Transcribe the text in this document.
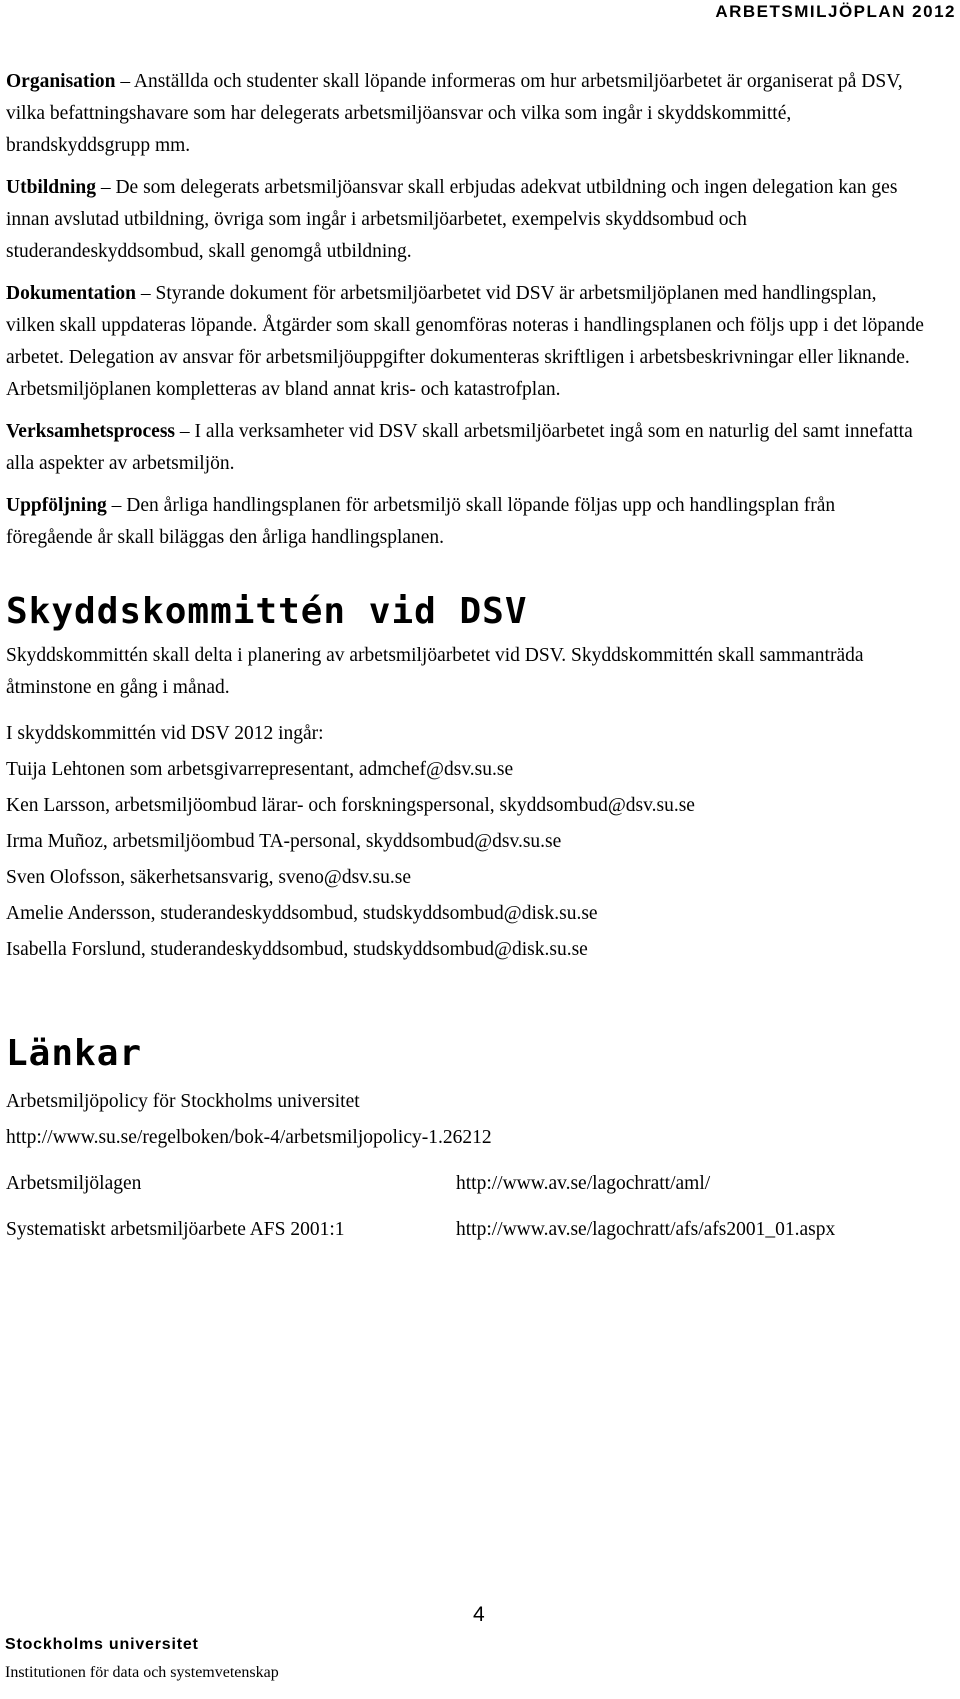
ARBETSMILJÖPLAN 2012

Organisation – Anställda och studenter skall löpande informeras om hur arbetsmiljöarbetet är organiserat på DSV, vilka befattningshavare som har delegerats arbetsmiljöansvar och vilka som ingår i skyddskommitté, brandskyddsgrupp mm.

Utbildning – De som delegerats arbetsmiljöansvar skall erbjudas adekvat utbildning och ingen delegation kan ges innan avslutad utbildning, övriga som ingår i arbetsmiljöarbetet, exempelvis skyddsombud och studerandeskyddsombud, skall genomgå utbildning.

Dokumentation – Styrande dokument för arbetsmiljöarbetet vid DSV är arbetsmiljöplanen med handlingsplan, vilken skall uppdateras löpande. Åtgärder som skall genomföras noteras i handlingsplanen och följs upp i det löpande arbetet. Delegation av ansvar för arbetsmiljöuppgifter dokumenteras skriftligen i arbetsbeskrivningar eller liknande. Arbetsmiljöplanen kompletteras av bland annat kris- och katastrofplan.

Verksamhetsprocess – I alla verksamheter vid DSV skall arbetsmiljöarbetet ingå som en naturlig del samt innefatta alla aspekter av arbetsmiljön.

Uppföljning – Den årliga handlingsplanen för arbetsmiljö skall löpande följas upp och handlingsplan från föregående år skall biläggas den årliga handlingsplanen.

Skyddskommittén vid DSV

Skyddskommittén skall delta i planering av arbetsmiljöarbetet vid DSV. Skyddskommittén skall sammanträda åtminstone en gång i månad.

I skyddskommittén vid DSV 2012 ingår:

Tuija Lehtonen som arbetsgivarrepresentant, admchef@dsv.su.se

Ken Larsson, arbetsmiljöombud lärar- och forskningspersonal, skyddsombud@dsv.su.se

Irma Muñoz, arbetsmiljöombud TA-personal, skyddsombud@dsv.su.se

Sven Olofsson, säkerhetsansvarig, sveno@dsv.su.se

Amelie Andersson, studerandeskyddsombud, studskyddsombud@disk.su.se

Isabella Forslund, studerandeskyddsombud, studskyddsombud@disk.su.se

Länkar

Arbetsmiljöpolicy för Stockholms universitet

http://www.su.se/regelboken/bok-4/arbetsmiljopolicy-1.26212

Arbetsmiljölagen	http://www.av.se/lagochratt/aml/
Systematiskt arbetsmiljöarbete AFS 2001:1	http://www.av.se/lagochratt/afs/afs2001_01.aspx
4
Stockholms universitet
Institutionen för data och systemvetenskap
